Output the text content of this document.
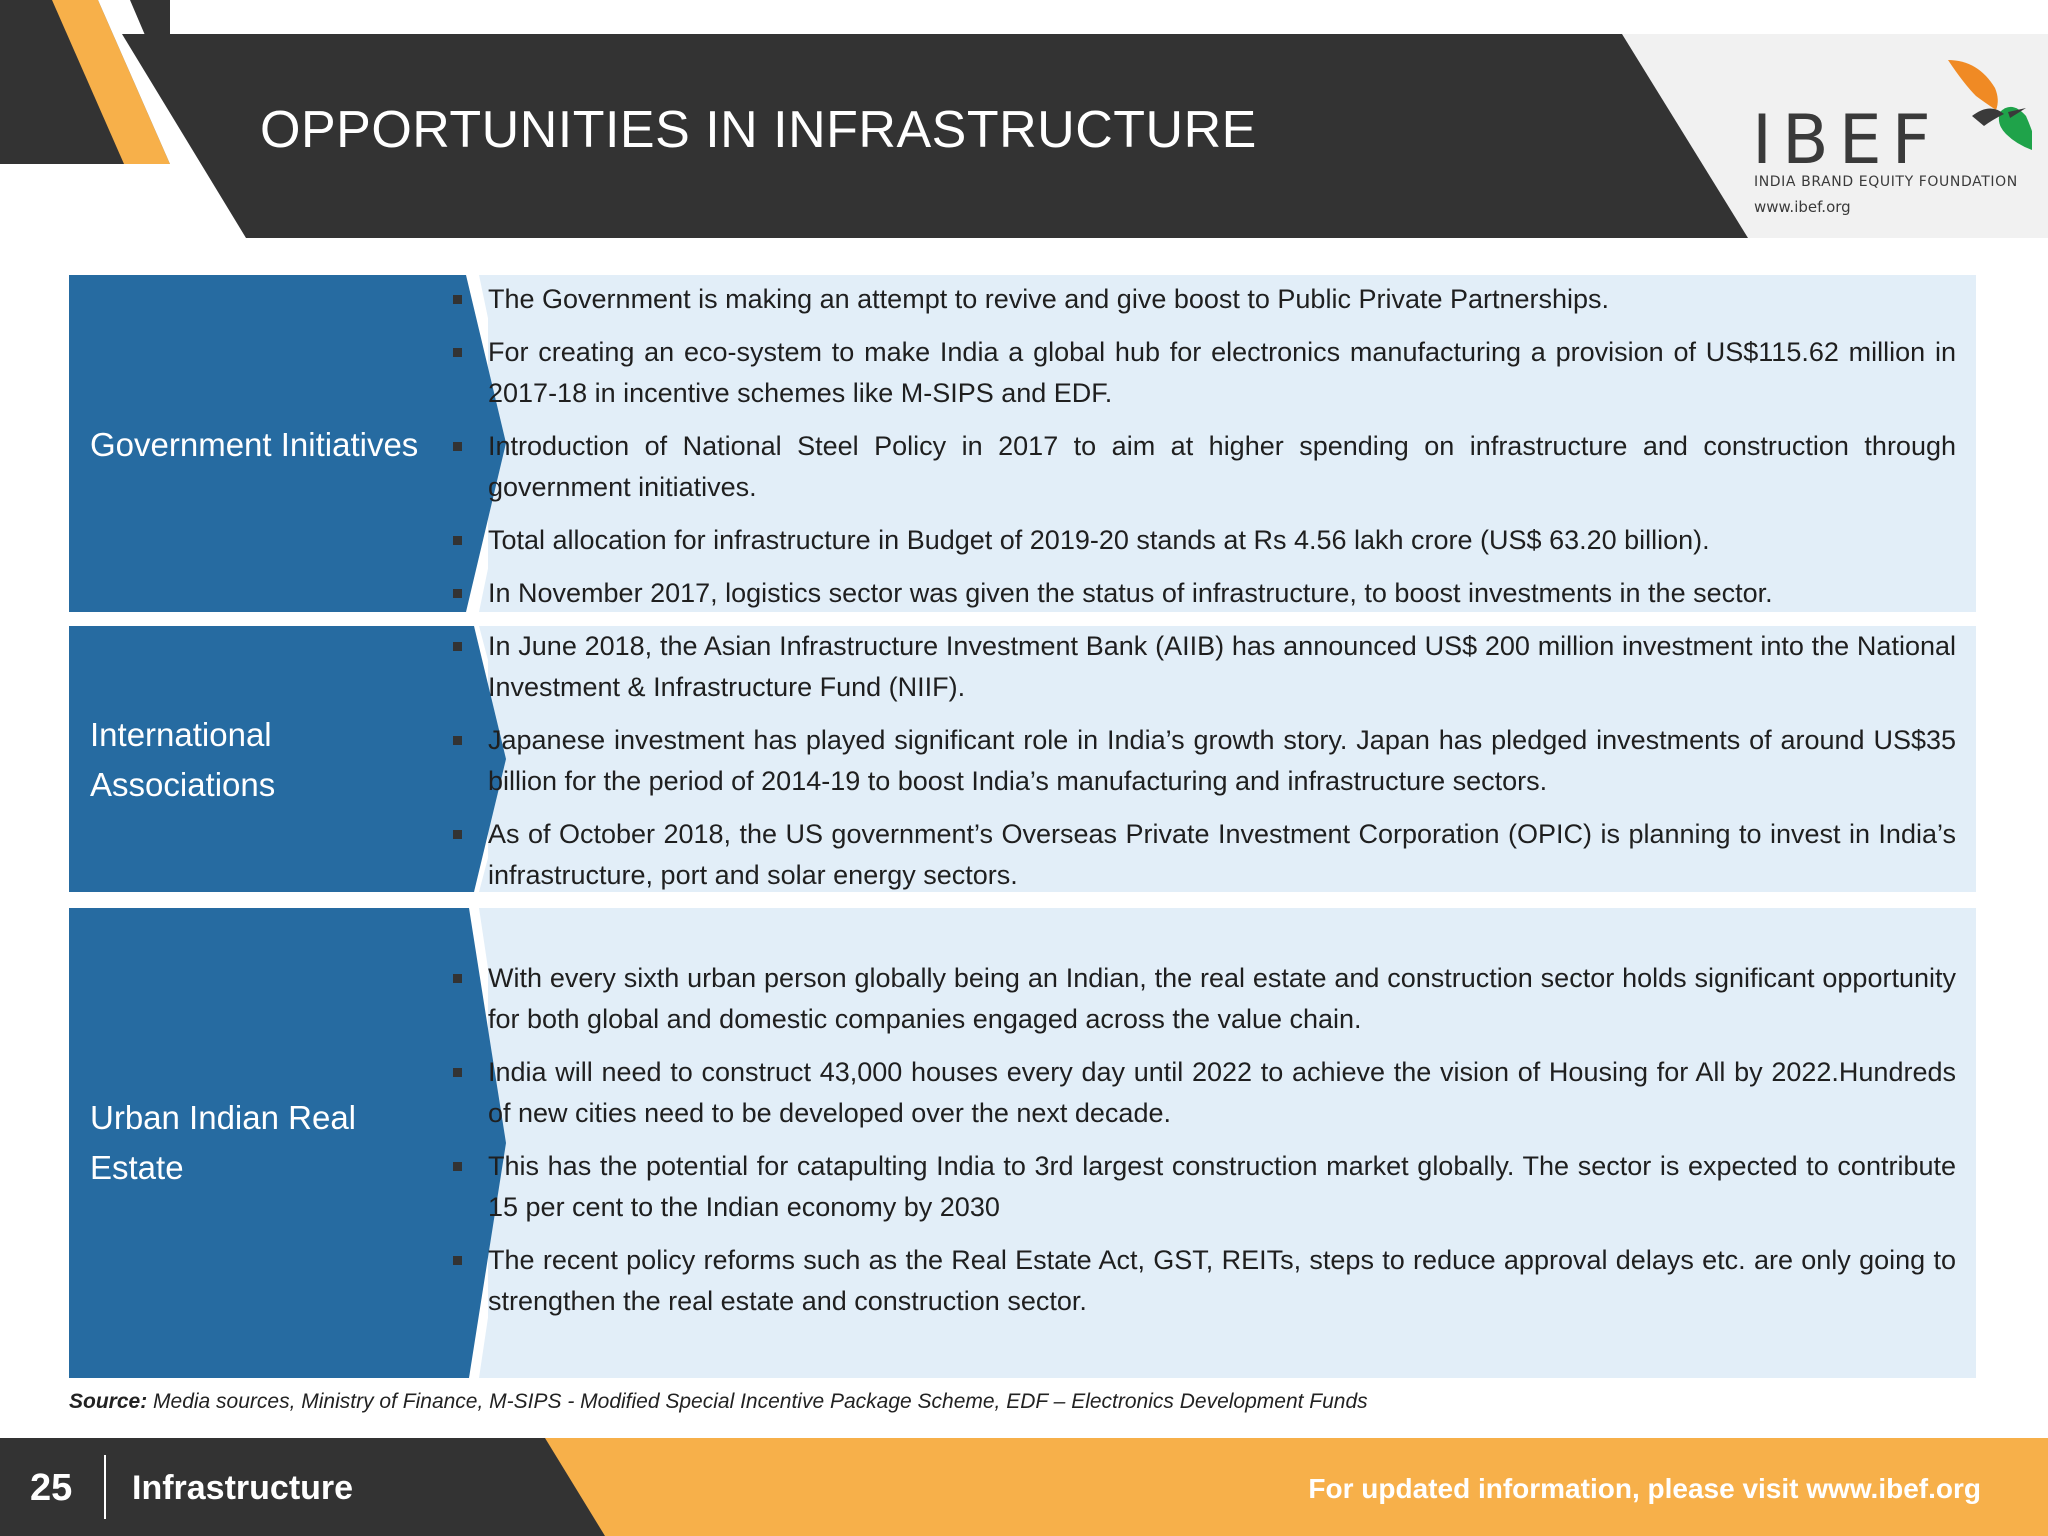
OPPORTUNITIES IN INFRASTRUCTURE	IBEF
INDIA BRAND EQUITY FOUNDATION
www.ibef.org
Government Initiatives
The Government is making an attempt to revive and give boost to Public Private Partnerships.
For creating an eco-system to make India a global hub for electronics manufacturing a provision of US$115.62 million in 2017-18 in incentive schemes like M-SIPS and EDF.
Introduction of National Steel Policy in 2017 to aim at higher spending on infrastructure and construction through government initiatives.
Total allocation for infrastructure in Budget of 2019-20 stands at Rs 4.56 lakh crore (US$ 63.20 billion).
In November 2017, logistics sector was given the status of infrastructure, to boost investments in the sector.
International Associations
In June 2018, the Asian Infrastructure Investment Bank (AIIB) has announced US$ 200 million investment into the National Investment & Infrastructure Fund (NIIF).
Japanese investment has played significant role in India’s growth story. Japan has pledged investments of around US$35 billion for the period of 2014-19 to boost India’s manufacturing and infrastructure sectors.
As of October 2018, the US government’s Overseas Private Investment Corporation (OPIC) is planning to invest in India’s infrastructure, port and solar energy sectors.
Urban Indian Real Estate
With every sixth urban person globally being an Indian, the real estate and construction sector holds significant opportunity for both global and domestic companies engaged across the value chain.
India will need to construct 43,000 houses every day until 2022 to achieve the vision of Housing for All by 2022.Hundreds of new cities need to be developed over the next decade.
This has the potential for catapulting India to 3rd largest construction market globally. The sector is expected to contribute 15 per cent to the Indian economy by 2030
The recent policy reforms such as the Real Estate Act, GST, REITs, steps to reduce approval delays etc. are only going to strengthen the real estate and construction sector.
Source: Media sources, Ministry of Finance, M-SIPS - Modified Special Incentive Package Scheme, EDF – Electronics Development Funds
25 Infrastructure	For updated information, please visit www.ibef.org
